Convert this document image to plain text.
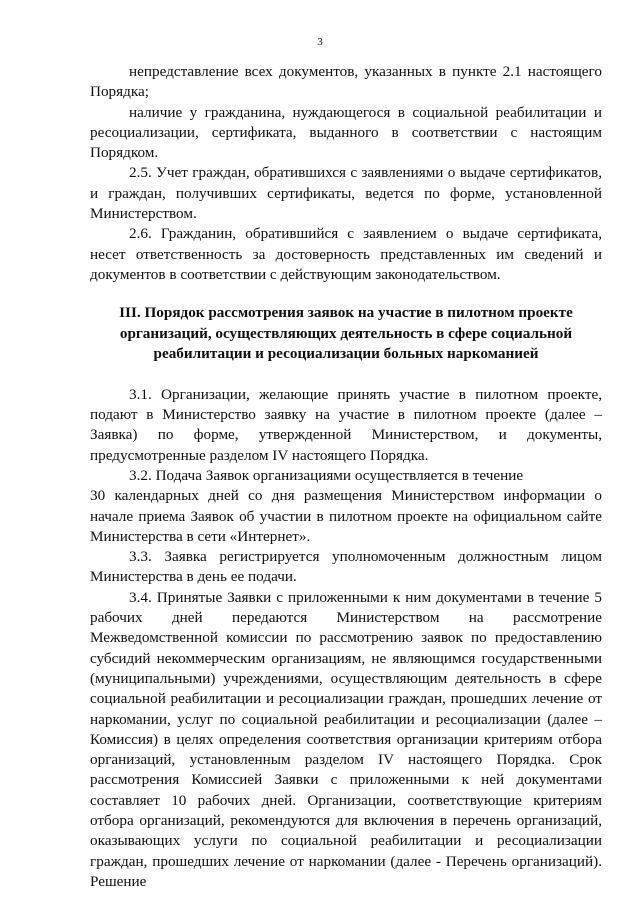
3

непредставление всех документов, указанных в пункте 2.1 настоящего Порядка;

наличие у гражданина, нуждающегося в социальной реабилитации и ресоциализации, сертификата, выданного в соответствии с настоящим Порядком.

2.5. Учет граждан, обратившихся с заявлениями о выдаче сертификатов, и граждан, получивших сертификаты, ведется по форме, установленной Министерством.

2.6. Гражданин, обратившийся с заявлением о выдаче сертификата, несет ответственность за достоверность представленных им сведений и документов в соответствии с действующим законодательством.

III. Порядок рассмотрения заявок на участие в пилотном проекте
организаций, осуществляющих деятельность в сфере социальной
реабилитации и ресоциализации больных наркоманией

3.1. Организации, желающие принять участие в пилотном проекте, подают в Министерство заявку на участие в пилотном проекте (далее – Заявка) по форме, утвержденной Министерством, и документы, предусмотренные разделом IV настоящего Порядка.

3.2. Подача Заявок организациями осуществляется в течение

30 календарных дней со дня размещения Министерством информации о начале приема Заявок об участии в пилотном проекте на официальном сайте Министерства в сети «Интернет».

3.3. Заявка регистрируется уполномоченным должностным лицом Министерства в день ее подачи.

3.4. Принятые Заявки с приложенными к ним документами в течение 5 рабочих дней передаются Министерством на рассмотрение Межведомственной комиссии по рассмотрению заявок по предоставлению субсидий некоммерческим организациям, не являющимся государственными (муниципальными) учреждениями, осуществляющим деятельность в сфере социальной реабилитации и ресоциализации граждан, прошедших лечение от наркомании, услуг по социальной реабилитации и ресоциализации (далее – Комиссия) в целях определения соответствия организации критериям отбора организаций, установленным разделом IV настоящего Порядка. Срок рассмотрения Комиссией Заявки с приложенными к ней документами составляет 10 рабочих дней. Организации, соответствующие критериям отбора организаций, рекомендуются для включения в перечень организаций, оказывающих услуги по социальной реабилитации и ресоциализации граждан, прошедших лечение от наркомании (далее - Перечень организаций). Решение
